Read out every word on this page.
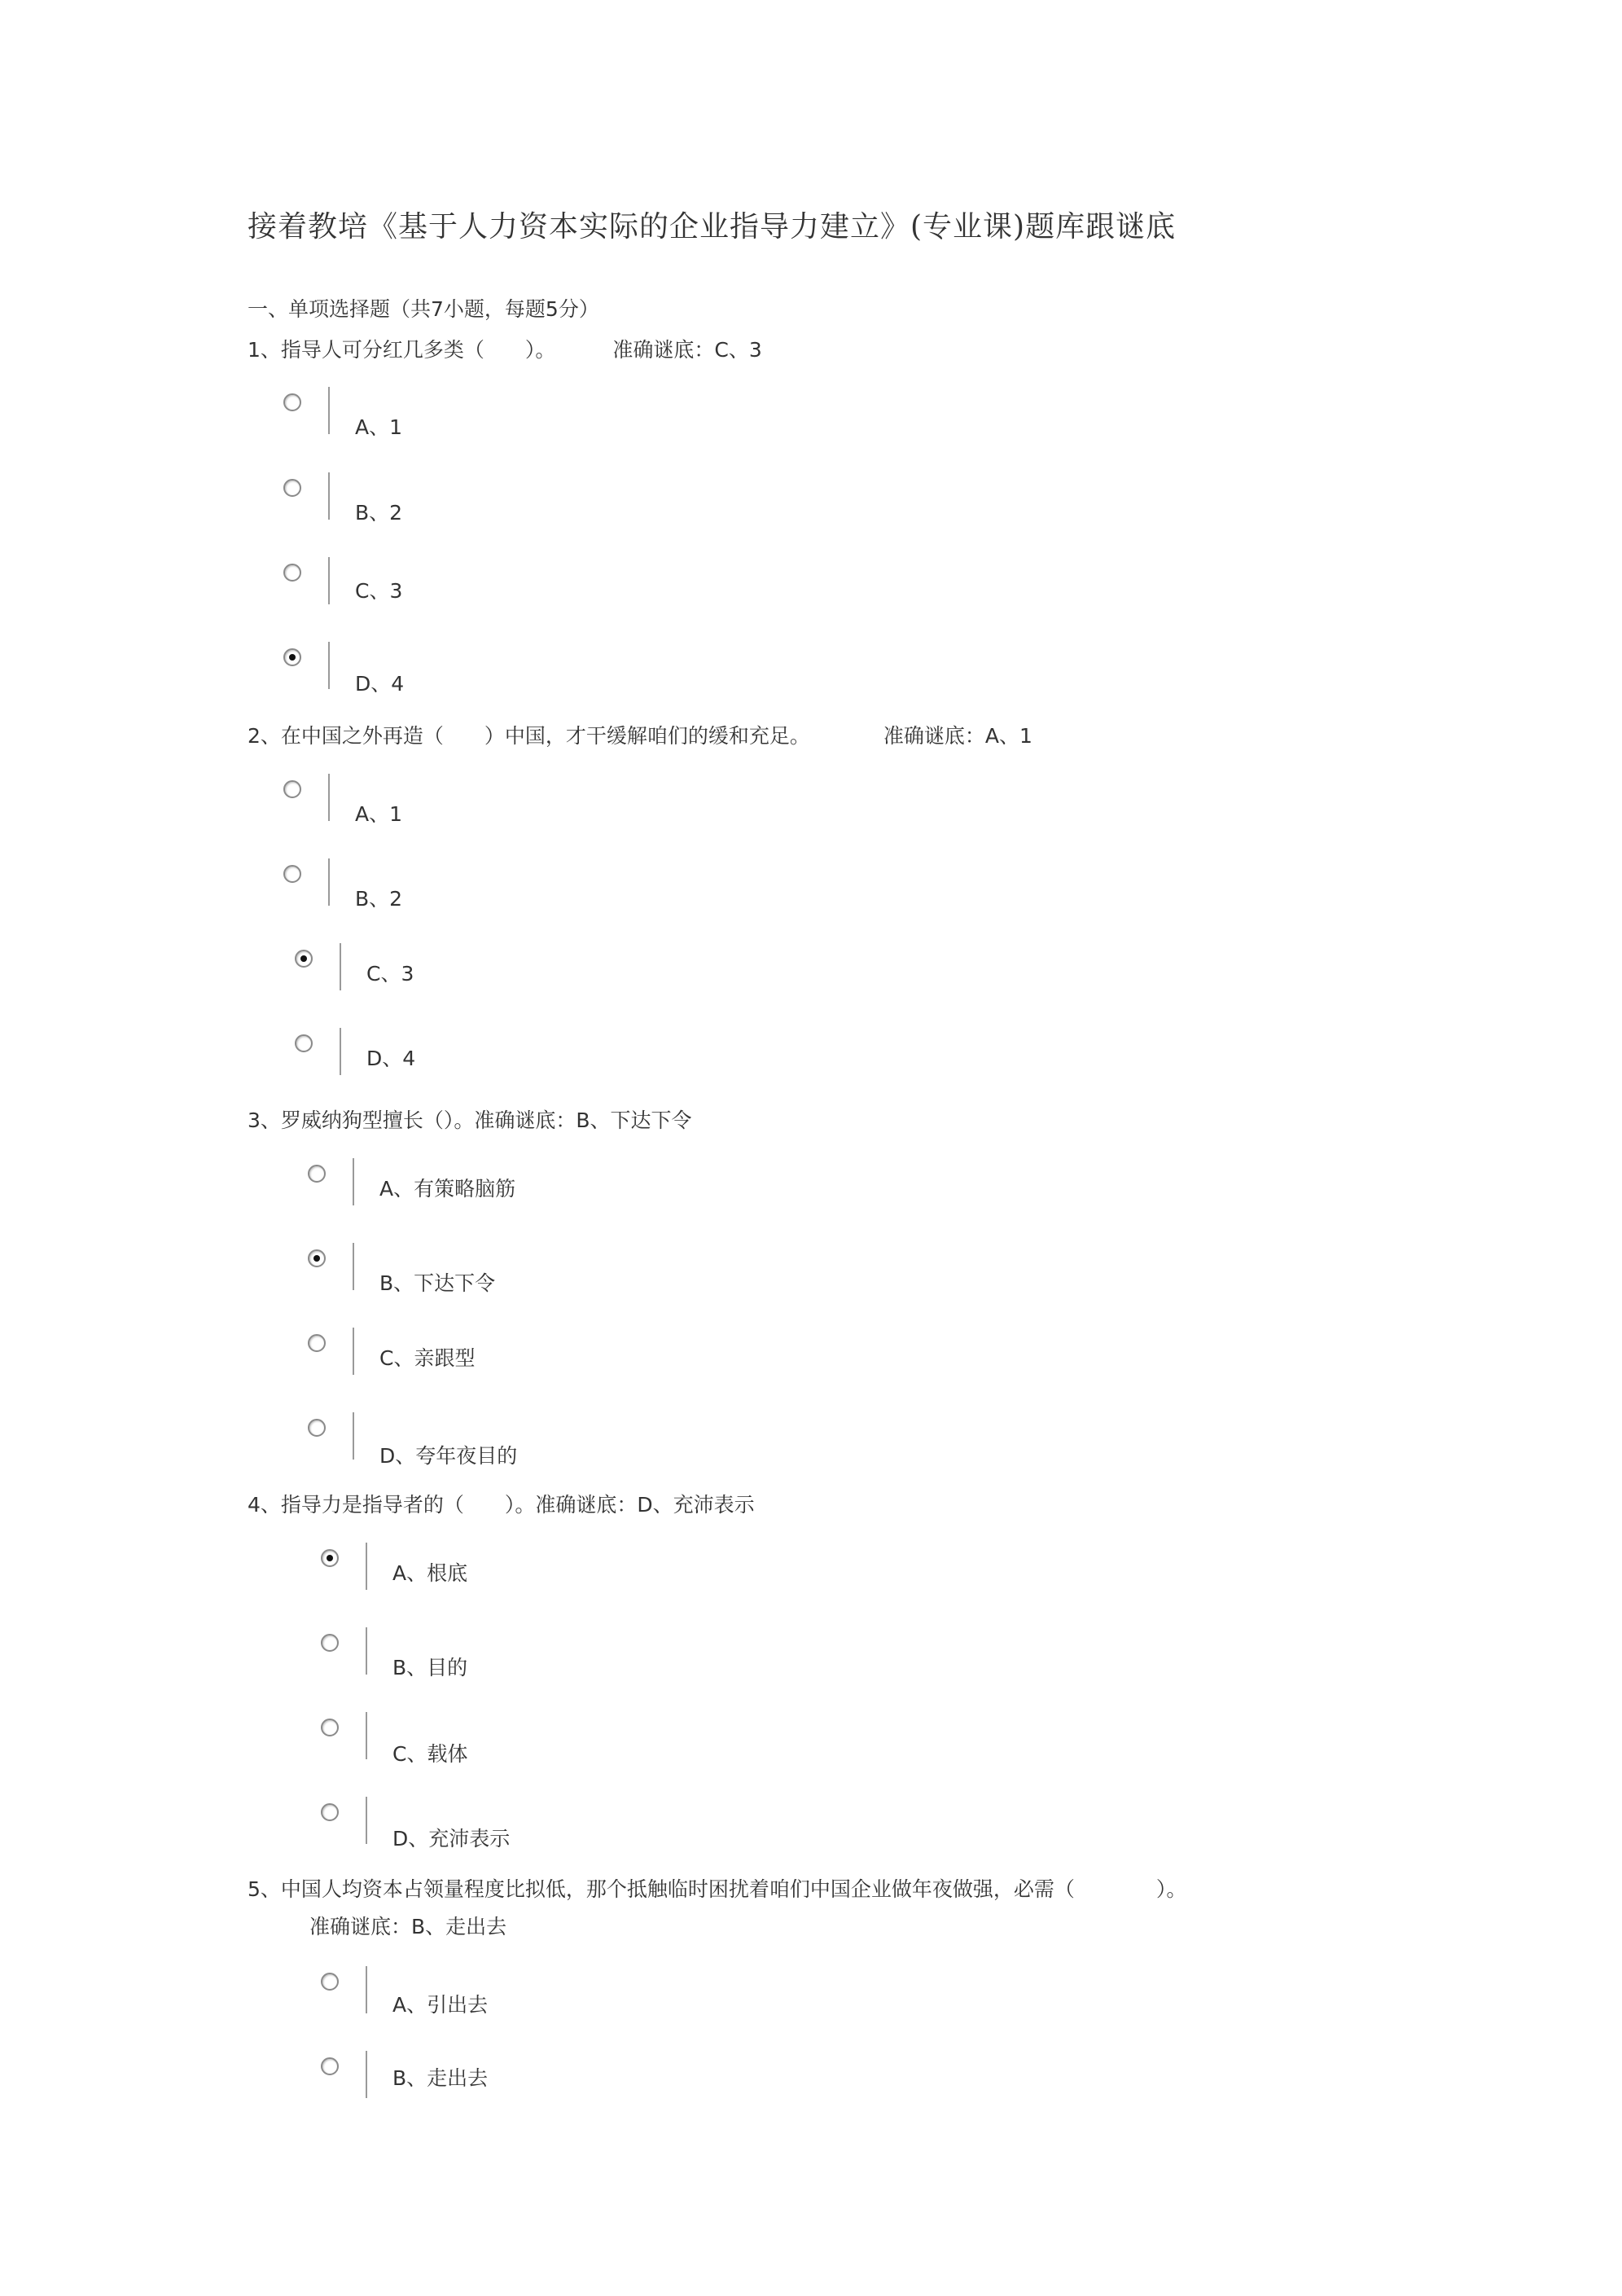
接着教培《基于人力资本实际的企业指导力建立》(专业课)题库跟谜底
一、单项选择题（共7小题，每题5分）
1、指导人可分红几多类（　　）。	准确谜底：C、3
A、1
B、2
C、3
D、4
2、在中国之外再造（　　）中国，才干缓解咱们的缓和充足。	准确谜底：A、1
A、1
B、2
C、3
D、4
3、罗威纳狗型擅长（）。准确谜底：B、下达下令
A、有策略脑筋
B、下达下令
C、亲跟型
D、夸年夜目的
4、指导力是指导者的（　　）。准确谜底：D、充沛表示
A、根底
B、目的
C、载体
D、充沛表示
5、中国人均资本占领量程度比拟低，那个抵触临时困扰着咱们中国企业做年夜做强，必需（　　　　）。
准确谜底：B、走出去
A、引出去
B、走出去
